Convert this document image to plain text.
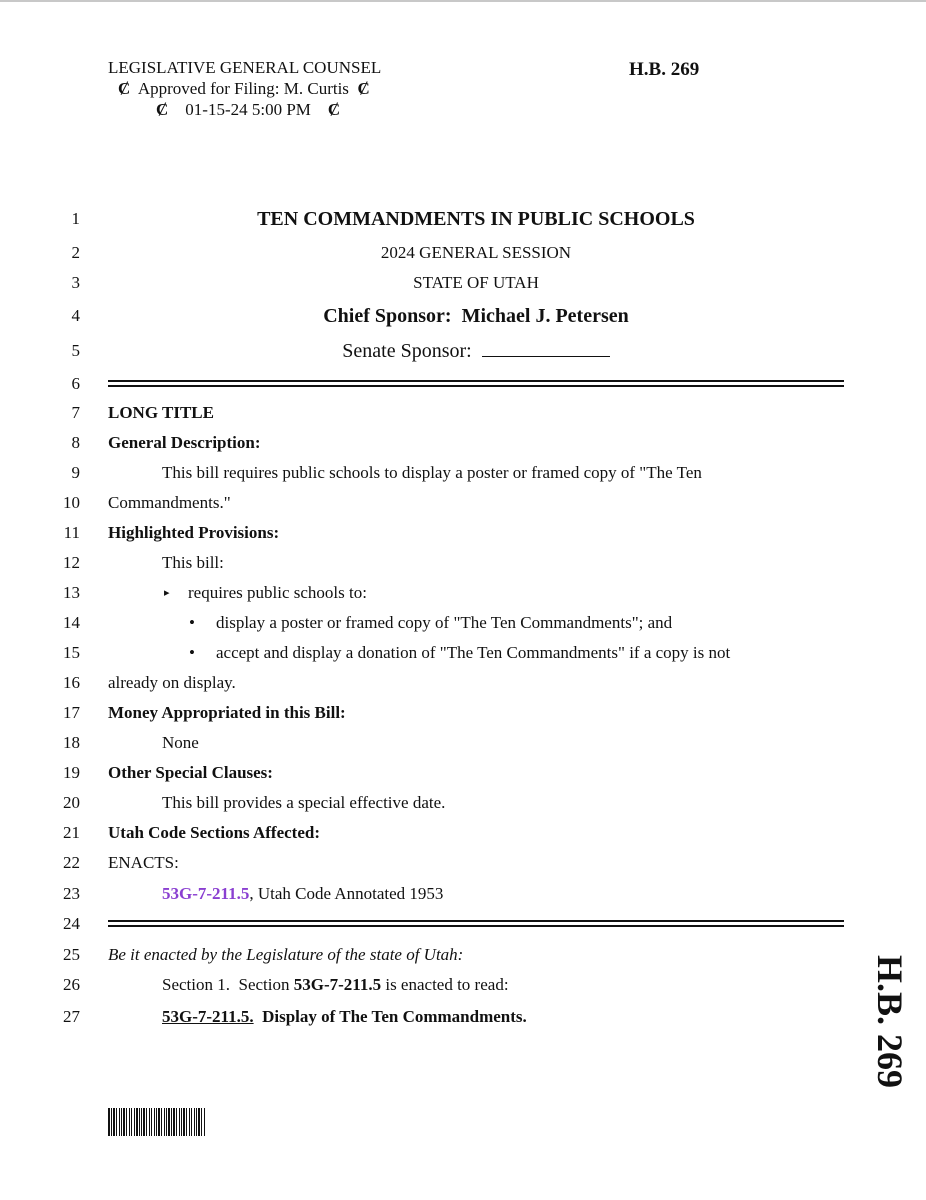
LEGISLATIVE GENERAL COUNSEL
Ȼ Approved for Filing: M. Curtis Ȼ
Ȼ 01-15-24 5:00 PM Ȼ
H.B. 269
1	TEN COMMANDMENTS IN PUBLIC SCHOOLS
2	2024 GENERAL SESSION
3	STATE OF UTAH
4	Chief Sponsor:  Michael J. Petersen
5	Senate Sponsor:
6
7 LONG TITLE
8 General Description:
9	This bill requires public schools to display a poster or framed copy of "The Ten
10 Commandments."
11 Highlighted Provisions:
12	This bill:
13	▸ requires public schools to:
14	• display a poster or framed copy of "The Ten Commandments"; and
15	• accept and display a donation of "The Ten Commandments" if a copy is not
16 already on display.
17 Money Appropriated in this Bill:
18	None
19 Other Special Clauses:
20	This bill provides a special effective date.
21 Utah Code Sections Affected:
22 ENACTS:
23	53G-7-211.5, Utah Code Annotated 1953
24
25 Be it enacted by the Legislature of the state of Utah:
26	Section 1.  Section 53G-7-211.5 is enacted to read:
27	53G-7-211.5. Display of The Ten Commandments.	H.B. 269
